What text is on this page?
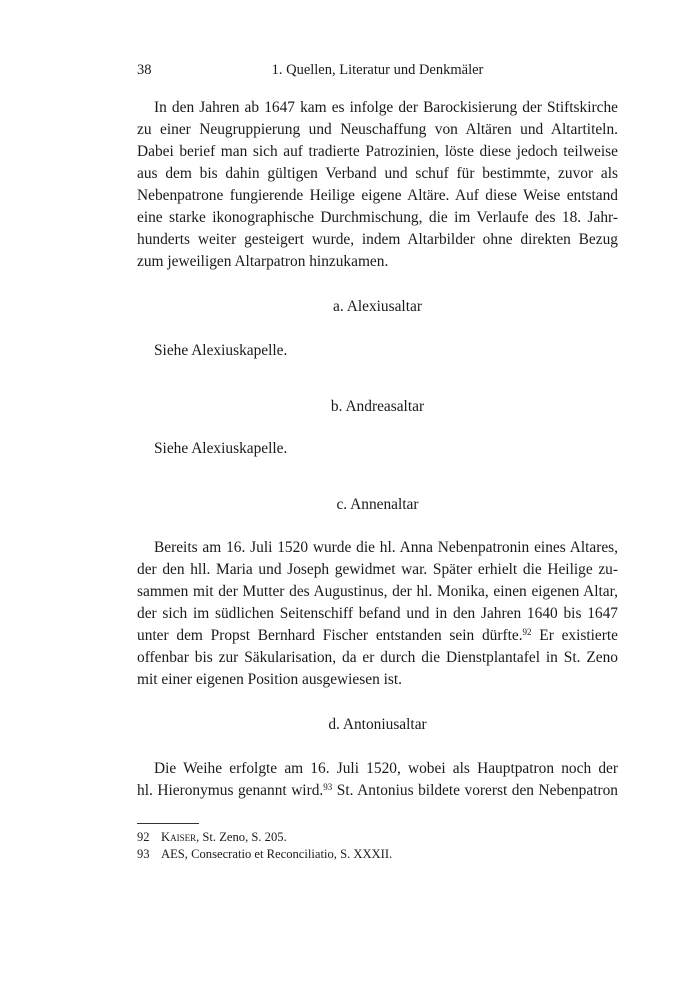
38	1. Quellen, Literatur und Denkmäler
In den Jahren ab 1647 kam es infolge der Barockisierung der Stiftskirche
zu einer Neugruppierung und Neuschaffung von Altären und Altartiteln.
Dabei berief man sich auf tradierte Patrozinien, löste diese jedoch teilweise
aus dem bis dahin gültigen Verband und schuf für bestimmte, zuvor als
Nebenpatrone fungierende Heilige eigene Altäre. Auf diese Weise entstand
eine starke ikonographische Durchmischung, die im Verlaufe des 18. Jahr-
hunderts weiter gesteigert wurde, indem Altarbilder ohne direkten Bezug
zum jeweiligen Altarpatron hinzukamen.
a. Alexiusaltar
Siehe Alexiuskapelle.
b. Andreasaltar
Siehe Alexiuskapelle.
c. Annenaltar
Bereits am 16. Juli 1520 wurde die hl. Anna Nebenpatronin eines Altares,
der den hll. Maria und Joseph gewidmet war. Später erhielt die Heilige zu-
sammen mit der Mutter des Augustinus, der hl. Monika, einen eigenen Altar,
der sich im südlichen Seitenschiff befand und in den Jahren 1640 bis 1647
unter dem Propst Bernhard Fischer entstanden sein dürfte.$^{92}$ Er existierte
offenbar bis zur Säkularisation, da er durch die Dienstplantafel in St. Zeno
mit einer eigenen Position ausgewiesen ist.
d. Antoniusaltar
Die Weihe erfolgte am 16. Juli 1520, wobei als Hauptpatron noch der
hl. Hieronymus genannt wird.$^{93}$ St. Antonius bildete vorerst den Nebenpatron
92 Kaiser, St. Zeno, S. 205.
93 AES, Consecratio et Reconciliatio, S. XXXII.
